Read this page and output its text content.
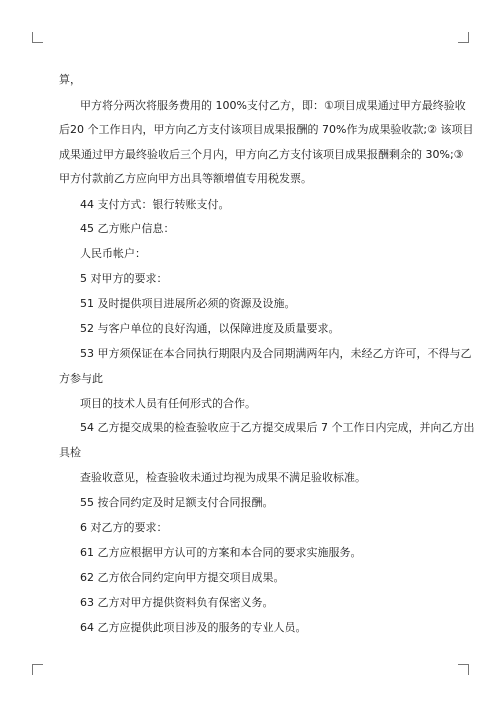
算，
甲方将分两次将服务费用的 100%支付乙方，即：①项目成果通过甲方最终验收
后20 个工作日内，甲方向乙方支付该项目成果报酬的 70%作为成果验收款;② 该项目
成果通过甲方最终验收后三个月内，甲方向乙方支付该项目成果报酬剩余的 30%;③
甲方付款前乙方应向甲方出具等额增值专用税发票。
44 支付方式：银行转账支付。
45 乙方账户信息：
人民币帐户：
5 对甲方的要求：
51 及时提供项目进展所必须的资源及设施。
52 与客户单位的良好沟通，以保障进度及质量要求。
53 甲方须保证在本合同执行期限内及合同期满两年内，未经乙方许可，不得与乙
方参与此
项目的技术人员有任何形式的合作。
54 乙方提交成果的检查验收应于乙方提交成果后 7 个工作日内完成，并向乙方出
具检
查验收意见，检查验收未通过均视为成果不满足验收标准。
55 按合同约定及时足额支付合同报酬。
6 对乙方的要求：
61 乙方应根据甲方认可的方案和本合同的要求实施服务。
62 乙方依合同约定向甲方提交项目成果。
63 乙方对甲方提供资料负有保密义务。
64 乙方应提供此项目涉及的服务的专业人员。
